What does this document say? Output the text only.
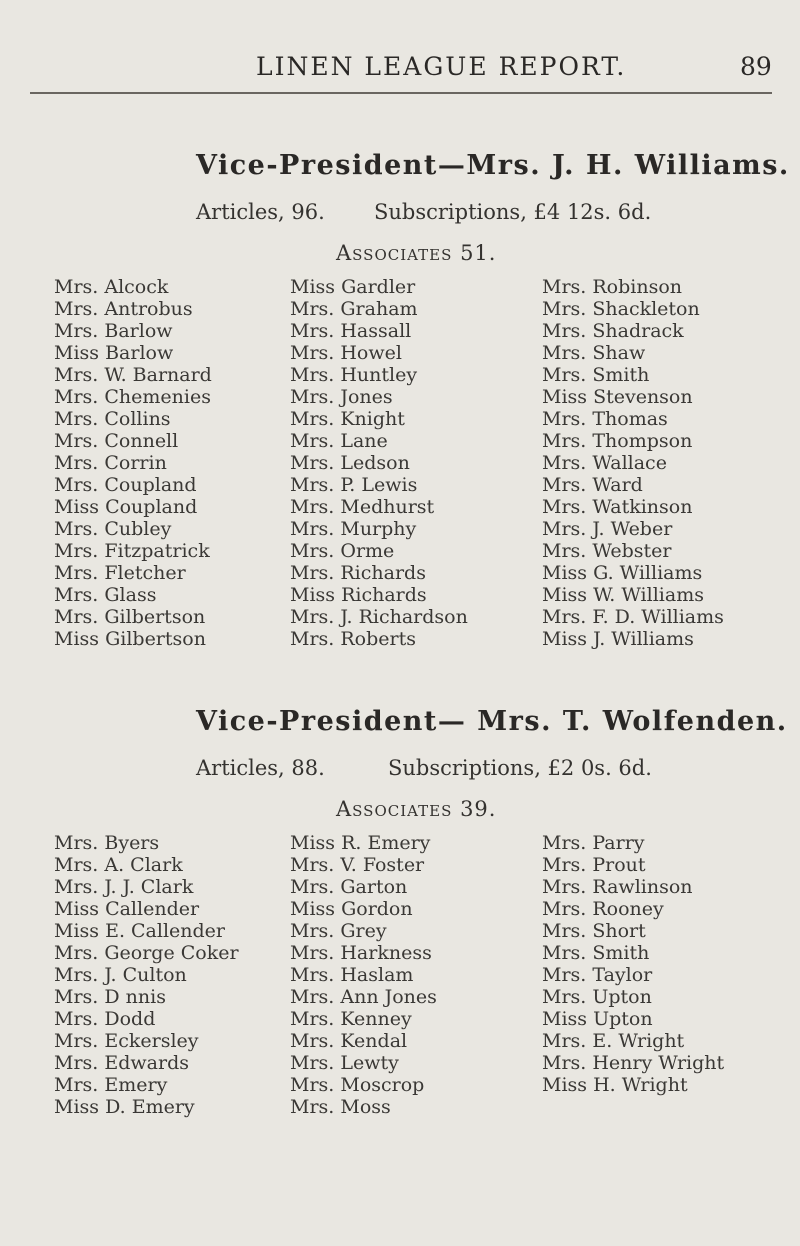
LINEN LEAGUE REPORT.	89
Vice-President—Mrs. J. H. Williams.
Articles, 96. Subscriptions, £4 12s. 6d.
Associates 51.
Mrs. Alcock
Mrs. Antrobus
Mrs. Barlow
Miss Barlow
Mrs. W. Barnard
Mrs. Chemenies
Mrs. Collins
Mrs. Connell
Mrs. Corrin
Mrs. Coupland
Miss Coupland
Mrs. Cubley
Mrs. Fitzpatrick
Mrs. Fletcher
Mrs. Glass
Mrs. Gilbertson
Miss Gilbertson
Miss Gardler
Mrs. Graham
Mrs. Hassall
Mrs. Howel
Mrs. Huntley
Mrs. Jones
Mrs. Knight
Mrs. Lane
Mrs. Ledson
Mrs. P. Lewis
Mrs. Medhurst
Mrs. Murphy
Mrs. Orme
Mrs. Richards
Miss Richards
Mrs. J. Richardson
Mrs. Roberts
Mrs. Robinson
Mrs. Shackleton
Mrs. Shadrack
Mrs. Shaw
Mrs. Smith
Miss Stevenson
Mrs. Thomas
Mrs. Thompson
Mrs. Wallace
Mrs. Ward
Mrs. Watkinson
Mrs. J. Weber
Mrs. Webster
Miss G. Williams
Miss W. Williams
Mrs. F. D. Williams
Miss J. Williams
Vice-President— Mrs. T. Wolfenden.
Articles, 88.	Subscriptions, £2 0s. 6d.
Associates 39.
Mrs. Byers
Mrs. A. Clark
Mrs. J. J. Clark
Miss Callender
Miss E. Callender
Mrs. George Coker
Mrs. J. Culton
Mrs. D nnis
Mrs. Dodd
Mrs. Eckersley
Mrs. Edwards
Mrs. Emery
Miss D. Emery
Miss R. Emery
Mrs. V. Foster
Mrs. Garton
Miss Gordon
Mrs. Grey
Mrs. Harkness
Mrs. Haslam
Mrs. Ann Jones
Mrs. Kenney
Mrs. Kendal
Mrs. Lewty
Mrs. Moscrop
Mrs. Moss
Mrs. Parry
Mrs. Prout
Mrs. Rawlinson
Mrs. Rooney
Mrs. Short
Mrs. Smith
Mrs. Taylor
Mrs. Upton
Miss Upton
Mrs. E. Wright
Mrs. Henry Wright
Miss H. Wright
